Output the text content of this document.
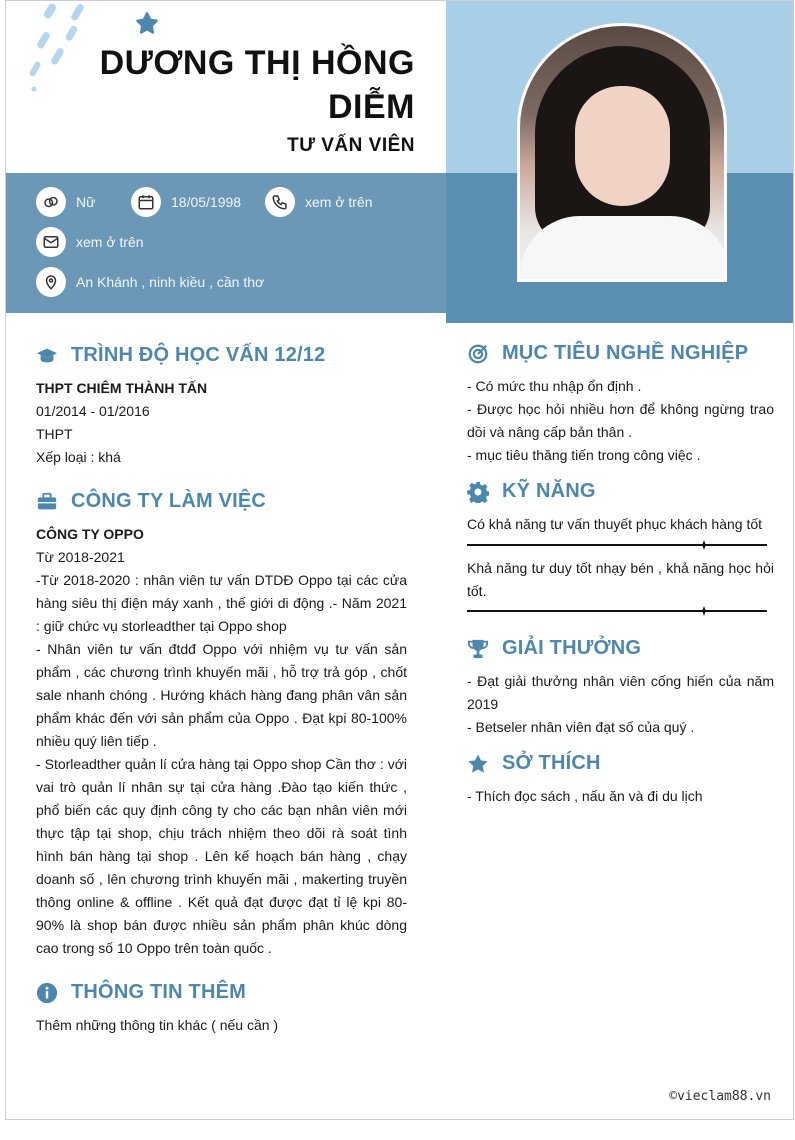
DƯƠNG THỊ HỒNG
DIỄM
TƯ VẤN VIÊN
Nữ	18/05/1998	xem ở trên
xem ở trên
An Khánh , ninh kiều , cần thơ
TRÌNH ĐỘ HỌC VẤN 12/12
THPT CHIÊM THÀNH TẤN
01/2014 - 01/2016
THPT
Xếp loại : khá
CÔNG TY LÀM VIỆC
CÔNG TY OPPO
Từ 2018-2021
-Từ 2018-2020 : nhân viên tư vấn DTDĐ Oppo tại các cửa hàng siêu thị điện máy xanh , thế giới di động .- Năm 2021 : giữ chức vụ storleadther tại Oppo shop
- Nhân viên tư vấn đtdđ Oppo với nhiệm vụ tư vấn sản phẩm , các chương trình khuyến mãi , hỗ trợ trả góp , chốt sale nhanh chóng . Hướng khách hàng đang phân vân sản phẩm khác đến với sản phẩm của Oppo . Đạt kpi 80-100% nhiều quý liên tiếp .
- Storleadther quản lí cửa hàng tại Oppo shop Cần thơ : với vai trò quản lí nhân sự tại cửa hàng .Đào tạo kiến thức , phổ biến các quy định công ty cho các bạn nhân viên mới thực tập tại shop, chịu trách nhiệm theo dõi rà soát tình hình bán hàng tại shop . Lên kế hoạch bán hàng , chạy doanh số , lên chương trình khuyến mãi , makerting truyền thông online & offline . Kết quả đạt được đạt tỉ lệ kpi 80-90% là shop bán được nhiều sản phẩm phân khúc dòng cao trong số 10 Oppo trên toàn quốc .
THÔNG TIN THÊM
Thêm những thông tin khác ( nếu cần )
MỤC TIÊU NGHỀ NGHIỆP
- Có mức thu nhập ổn định .
- Được học hỏi nhiều hơn để không ngừng trao dồi và nâng cấp bản thân .
- mục tiêu thăng tiến trong công việc .
KỸ NĂNG
Có khả năng tư vấn thuyết phục khách hàng tốt
Khả năng tư duy tốt nhạy bén , khả năng học hỏi tốt.
GIẢI THƯỞNG
- Đạt giải thưởng nhân viên cống hiến của năm 2019
- Betseler nhân viên đạt số của quý .
SỞ THÍCH
- Thích đọc sách , nấu ăn và đi du lịch
©vieclam88.vn
